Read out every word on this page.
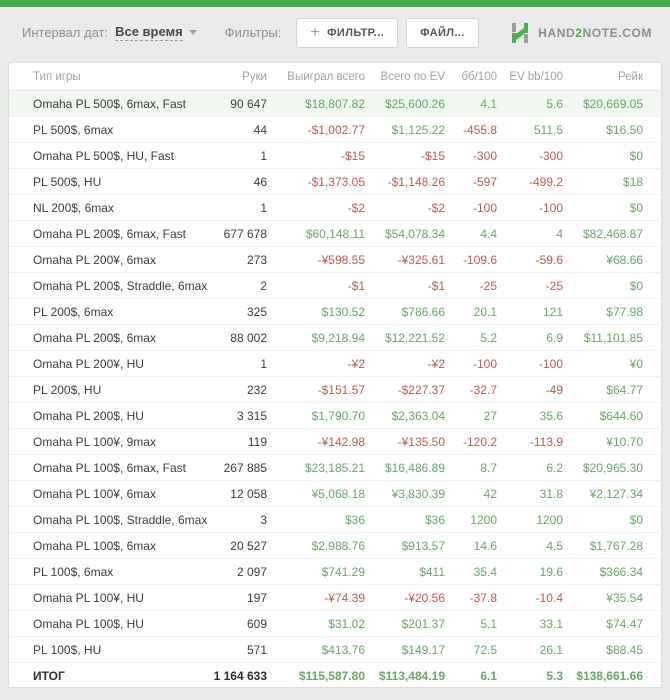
Интервал дат: Все время	Фильтры: + ФИЛЬТР...	ФАЙЛ...	HAND2NOTE.COM
Тип игры	Руки	Выиграл всего	Всего по EV	бб/100	EV bb/100	Рейк
Omaha PL 500$, 6max, Fast	90 647	$18,807.82	$25,600.26	4.1	5.6	$20,669.05
PL 500$, 6max	44	-$1,002.77	$1,125.22	-455.8	511.5	$16.50
Omaha PL 500$, HU, Fast	1	-$15	-$15	-300	-300	$0
PL 500$, HU	46	-$1,373.05	-$1,148.26	-597	-499.2	$18
NL 200$, 6max	1	-$2	-$2	-100	-100	$0
Omaha PL 200$, 6max, Fast	677 678	$60,148.11	$54,078.34	4.4	4	$82,468.87
Omaha PL 200¥, 6max	273	-¥598.55	-¥325.61	-109.6	-59.6	¥68.66
Omaha PL 200$, Straddle, 6max	2	-$1	-$1	-25	-25	$0
PL 200$, 6max	325	$130.52	$786.66	20.1	121	$77.98
Omaha PL 200$, 6max	88 002	$9,218.94	$12,221.52	5.2	6.9	$11,101.85
Omaha PL 200¥, HU	1	-¥2	-¥2	-100	-100	¥0
PL 200$, HU	232	-$151.57	-$227.37	-32.7	-49	$64.77
Omaha PL 200$, HU	3 315	$1,790.70	$2,363.04	27	35.6	$644.60
Omaha PL 100¥, 9max	119	-¥142.98	-¥135.50	-120.2	-113.9	¥10.70
Omaha PL 100$, 6max, Fast	267 885	$23,185.21	$16,486.89	8.7	6.2	$20,965.30
Omaha PL 100¥, 6max	12 058	¥5,068.18	¥3,830.39	42	31.8	¥2,127.34
Omaha PL 100$, Straddle, 6max	3	$36	$36	1200	1200	$0
Omaha PL 100$, 6max	20 527	$2,988.76	$913.57	14.6	4.5	$1,767.28
PL 100$, 6max	2 097	$741.29	$411	35.4	19.6	$366.34
Omaha PL 100¥, HU	197	-¥74.39	-¥20.56	-37.8	-10.4	¥35.54
Omaha PL 100$, HU	609	$31.02	$201.37	5.1	33.1	$74.47
PL 100$, HU	571	$413.76	$149.17	72.5	26.1	$88.45
ИТОГ	1 164 633	$115,587.80	$113,484.19	6.1	5.3	$138,661.66
